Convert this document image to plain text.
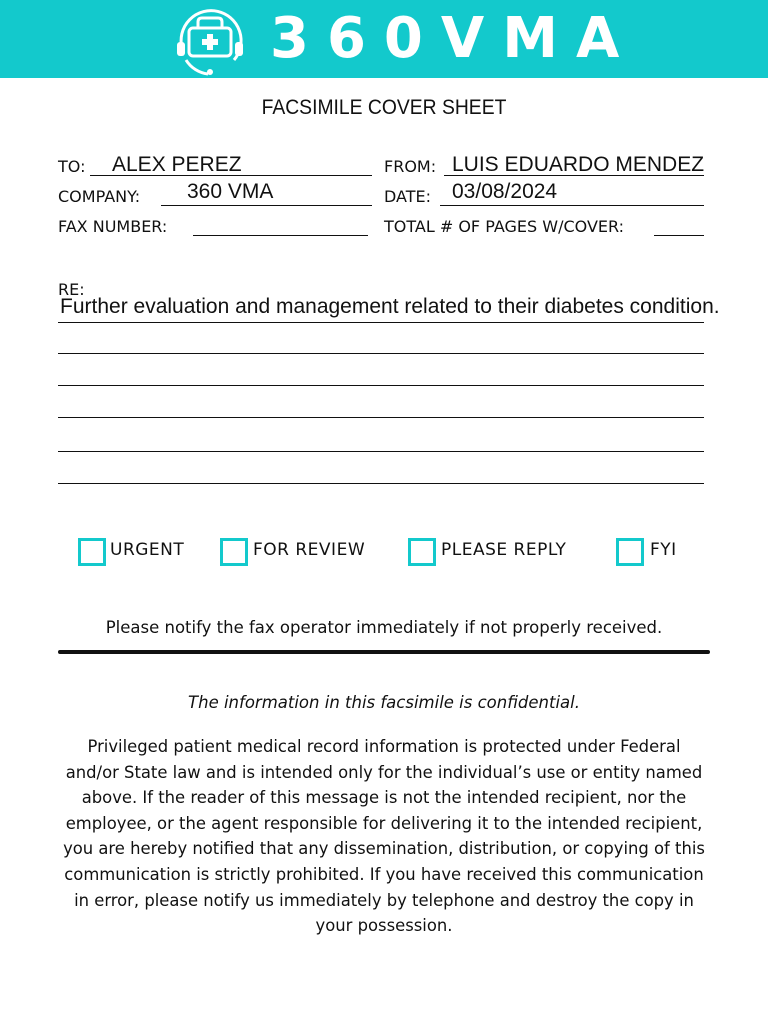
360VMA
FACSIMILE COVER SHEET
TO: ALEX PEREZ	FROM: LUIS EDUARDO MENDEZ
COMPANY: 360 VMA	DATE: 03/08/2024
FAX NUMBER:	TOTAL # OF PAGES W/COVER:
RE:
Further evaluation and management related to their diabetes condition.
URGENT	FOR REVIEW	PLEASE REPLY	FYI
Please notify the fax operator immediately if not properly received.
The information in this facsimile is confidential.
Privileged patient medical record information is protected under Federal and/or State law and is intended only for the individual’s use or entity named above. If the reader of this message is not the intended recipient, nor the employee, or the agent responsible for delivering it to the intended recipient, you are hereby notified that any dissemination, distribution, or copying of this communication is strictly prohibited. If you have received this communication in error, please notify us immediately by telephone and destroy the copy in your possession.
